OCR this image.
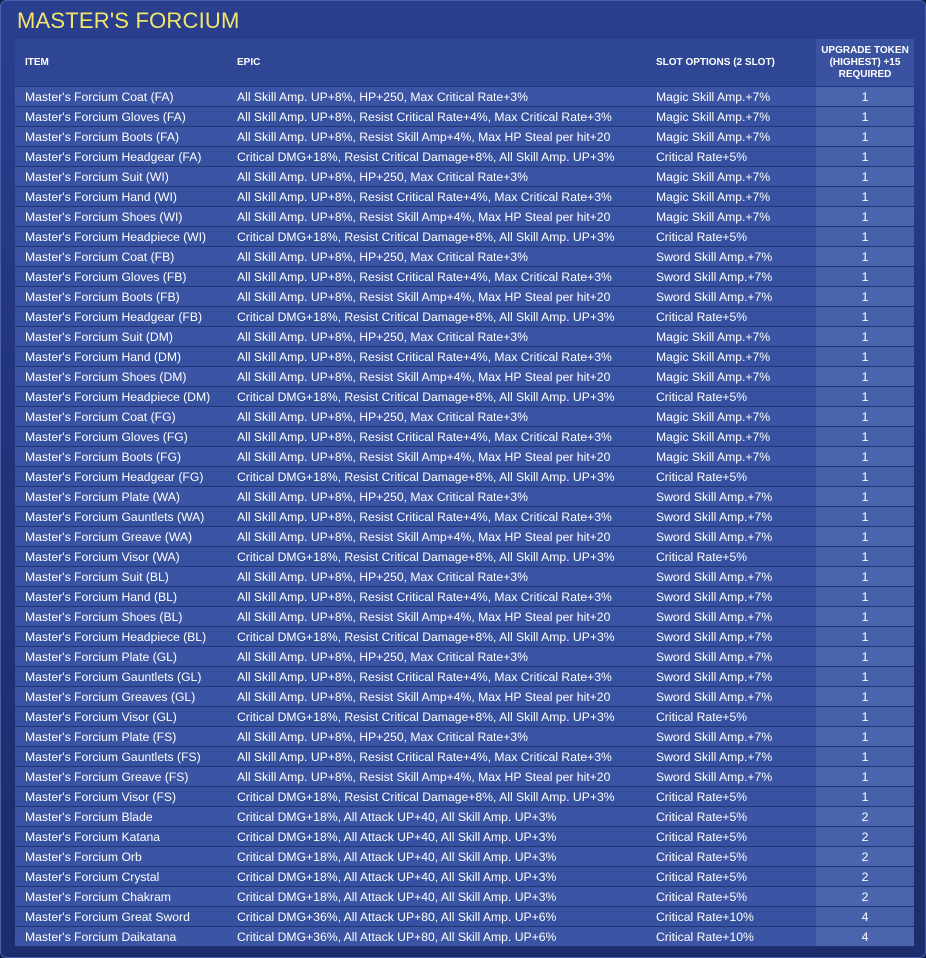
MASTER'S FORCIUM
ITEM	EPIC	SLOT OPTIONS (2 SLOT)	UPGRADE TOKEN (HIGHEST) +15 REQUIRED
Master's Forcium Coat (FA)	All Skill Amp. UP+8%, HP+250, Max Critical Rate+3%	Magic Skill Amp.+7%	1
Master's Forcium Gloves (FA)	All Skill Amp. UP+8%, Resist Critical Rate+4%, Max Critical Rate+3%	Magic Skill Amp.+7%	1
Master's Forcium Boots (FA)	All Skill Amp. UP+8%, Resist Skill Amp+4%, Max HP Steal per hit+20	Magic Skill Amp.+7%	1
Master's Forcium Headgear (FA)	Critical DMG+18%, Resist Critical Damage+8%, All Skill Amp. UP+3%	Critical Rate+5%	1
Master's Forcium Suit (WI)	All Skill Amp. UP+8%, HP+250, Max Critical Rate+3%	Magic Skill Amp.+7%	1
Master's Forcium Hand (WI)	All Skill Amp. UP+8%, Resist Critical Rate+4%, Max Critical Rate+3%	Magic Skill Amp.+7%	1
Master's Forcium Shoes (WI)	All Skill Amp. UP+8%, Resist Skill Amp+4%, Max HP Steal per hit+20	Magic Skill Amp.+7%	1
Master's Forcium Headpiece (WI)	Critical DMG+18%, Resist Critical Damage+8%, All Skill Amp. UP+3%	Critical Rate+5%	1
Master's Forcium Coat (FB)	All Skill Amp. UP+8%, HP+250, Max Critical Rate+3%	Sword Skill Amp.+7%	1
Master's Forcium Gloves (FB)	All Skill Amp. UP+8%, Resist Critical Rate+4%, Max Critical Rate+3%	Sword Skill Amp.+7%	1
Master's Forcium Boots (FB)	All Skill Amp. UP+8%, Resist Skill Amp+4%, Max HP Steal per hit+20	Sword Skill Amp.+7%	1
Master's Forcium Headgear (FB)	Critical DMG+18%, Resist Critical Damage+8%, All Skill Amp. UP+3%	Critical Rate+5%	1
Master's Forcium Suit (DM)	All Skill Amp. UP+8%, HP+250, Max Critical Rate+3%	Magic Skill Amp.+7%	1
Master's Forcium Hand (DM)	All Skill Amp. UP+8%, Resist Critical Rate+4%, Max Critical Rate+3%	Magic Skill Amp.+7%	1
Master's Forcium Shoes (DM)	All Skill Amp. UP+8%, Resist Skill Amp+4%, Max HP Steal per hit+20	Magic Skill Amp.+7%	1
Master's Forcium Headpiece (DM)	Critical DMG+18%, Resist Critical Damage+8%, All Skill Amp. UP+3%	Critical Rate+5%	1
Master's Forcium Coat (FG)	All Skill Amp. UP+8%, HP+250, Max Critical Rate+3%	Magic Skill Amp.+7%	1
Master's Forcium Gloves (FG)	All Skill Amp. UP+8%, Resist Critical Rate+4%, Max Critical Rate+3%	Magic Skill Amp.+7%	1
Master's Forcium Boots (FG)	All Skill Amp. UP+8%, Resist Skill Amp+4%, Max HP Steal per hit+20	Magic Skill Amp.+7%	1
Master's Forcium Headgear (FG)	Critical DMG+18%, Resist Critical Damage+8%, All Skill Amp. UP+3%	Critical Rate+5%	1
Master's Forcium Plate (WA)	All Skill Amp. UP+8%, HP+250, Max Critical Rate+3%	Sword Skill Amp.+7%	1
Master's Forcium Gauntlets (WA)	All Skill Amp. UP+8%, Resist Critical Rate+4%, Max Critical Rate+3%	Sword Skill Amp.+7%	1
Master's Forcium Greave (WA)	All Skill Amp. UP+8%, Resist Skill Amp+4%, Max HP Steal per hit+20	Sword Skill Amp.+7%	1
Master's Forcium Visor (WA)	Critical DMG+18%, Resist Critical Damage+8%, All Skill Amp. UP+3%	Critical Rate+5%	1
Master's Forcium Suit (BL)	All Skill Amp. UP+8%, HP+250, Max Critical Rate+3%	Sword Skill Amp.+7%	1
Master's Forcium Hand (BL)	All Skill Amp. UP+8%, Resist Critical Rate+4%, Max Critical Rate+3%	Sword Skill Amp.+7%	1
Master's Forcium Shoes (BL)	All Skill Amp. UP+8%, Resist Skill Amp+4%, Max HP Steal per hit+20	Sword Skill Amp.+7%	1
Master's Forcium Headpiece (BL)	Critical DMG+18%, Resist Critical Damage+8%, All Skill Amp. UP+3%	Sword Skill Amp.+7%	1
Master's Forcium Plate (GL)	All Skill Amp. UP+8%, HP+250, Max Critical Rate+3%	Sword Skill Amp.+7%	1
Master's Forcium Gauntlets (GL)	All Skill Amp. UP+8%, Resist Critical Rate+4%, Max Critical Rate+3%	Sword Skill Amp.+7%	1
Master's Forcium Greaves (GL)	All Skill Amp. UP+8%, Resist Skill Amp+4%, Max HP Steal per hit+20	Sword Skill Amp.+7%	1
Master's Forcium Visor (GL)	Critical DMG+18%, Resist Critical Damage+8%, All Skill Amp. UP+3%	Critical Rate+5%	1
Master's Forcium Plate (FS)	All Skill Amp. UP+8%, HP+250, Max Critical Rate+3%	Sword Skill Amp.+7%	1
Master's Forcium Gauntlets (FS)	All Skill Amp. UP+8%, Resist Critical Rate+4%, Max Critical Rate+3%	Sword Skill Amp.+7%	1
Master's Forcium Greave (FS)	All Skill Amp. UP+8%, Resist Skill Amp+4%, Max HP Steal per hit+20	Sword Skill Amp.+7%	1
Master's Forcium Visor (FS)	Critical DMG+18%, Resist Critical Damage+8%, All Skill Amp. UP+3%	Critical Rate+5%	1
Master's Forcium Blade	Critical DMG+18%, All Attack UP+40, All Skill Amp. UP+3%	Critical Rate+5%	2
Master's Forcium Katana	Critical DMG+18%, All Attack UP+40, All Skill Amp. UP+3%	Critical Rate+5%	2
Master's Forcium Orb	Critical DMG+18%, All Attack UP+40, All Skill Amp. UP+3%	Critical Rate+5%	2
Master's Forcium Crystal	Critical DMG+18%, All Attack UP+40, All Skill Amp. UP+3%	Critical Rate+5%	2
Master's Forcium Chakram	Critical DMG+18%, All Attack UP+40, All Skill Amp. UP+3%	Critical Rate+5%	2
Master's Forcium Great Sword	Critical DMG+36%, All Attack UP+80, All Skill Amp. UP+6%	Critical Rate+10%	4
Master's Forcium Daikatana	Critical DMG+36%, All Attack UP+80, All Skill Amp. UP+6%	Critical Rate+10%	4
